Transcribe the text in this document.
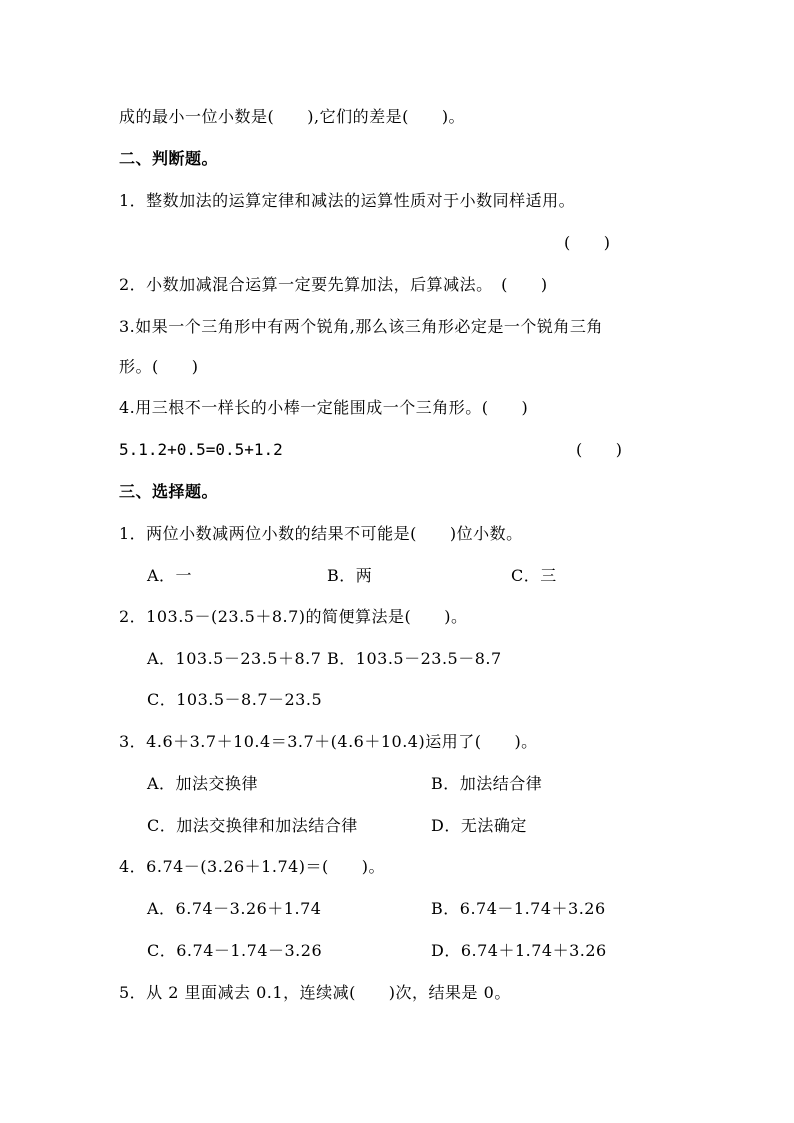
成的最小一位小数是(　　),它们的差是(　　)。
二、判断题。
1．整数加法的运算定律和减法的运算性质对于小数同样适用。
(　　)
2．小数加减混合运算一定要先算加法，后算减法。　(　　)
3.如果一个三角形中有两个锐角,那么该三角形必定是一个锐角三角
形。(　　)
4.用三根不一样长的小棒一定能围成一个三角形。(　　)
5.1.2+0.5=0.5+1.2	(　　)
三、选择题。
1．两位小数减两位小数的结果不可能是(　　)位小数。
A．一	B．两	C．三
2．103.5－(23.5＋8.7)的简便算法是(　　)。
A．103.5－23.5＋8.7 B．103.5－23.5－8.7
C．103.5－8.7－23.5
3．4.6＋3.7＋10.4＝3.7＋(4.6＋10.4)运用了(　　)。
A．加法交换律	B．加法结合律
C．加法交换律和加法结合律	D．无法确定
4．6.74－(3.26＋1.74)＝(　　)。
A．6.74－3.26＋1.74	B．6.74－1.74＋3.26
C．6.74－1.74－3.26	D．6.74＋1.74＋3.26
5．从 2 里面减去 0.1，连续减(　　)次，结果是 0。
